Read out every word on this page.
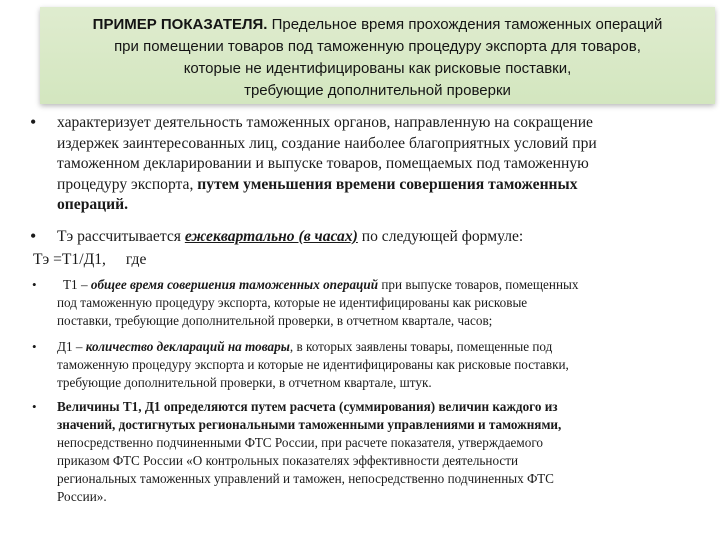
ПРИМЕР ПОКАЗАТЕЛЯ. Предельное время прохождения таможенных операций
при помещении товаров под таможенную процедуру экспорта для товаров,
которые не идентифицированы как рисковые поставки,
требующие дополнительной проверки
• характеризует деятельность таможенных органов, направленную на сокращение
издержек заинтересованных лиц, создание наиболее благоприятных условий при
таможенном декларировании и выпуске товаров, помещаемых под таможенную
процедуру экспорта, путем уменьшения времени совершения таможенных
операций.
• Тэ рассчитывается ежеквартально (в часах) по следующей формуле:
Тэ =Т1/Д1, где
•	Т1 – общее время совершения таможенных операций при выпуске товаров, помещенных
под таможенную процедуру экспорта, которые не идентифицированы как рисковые
поставки, требующие дополнительной проверки, в отчетном квартале, часов;
• Д1 – количество деклараций на товары, в которых заявлены товары, помещенные под
таможенную процедуру экспорта и которые не идентифицированы как рисковые поставки,
требующие дополнительной проверки, в отчетном квартале, штук.
• Величины Т1, Д1 определяются путем расчета (суммирования) величин каждого из
значений, достигнутых региональными таможенными управлениями и таможнями,
непосредственно подчиненными ФТС России, при расчете показателя, утверждаемого
приказом ФТС России «О контрольных показателях эффективности деятельности
региональных таможенных управлений и таможен, непосредственно подчиненных ФТС
России».
